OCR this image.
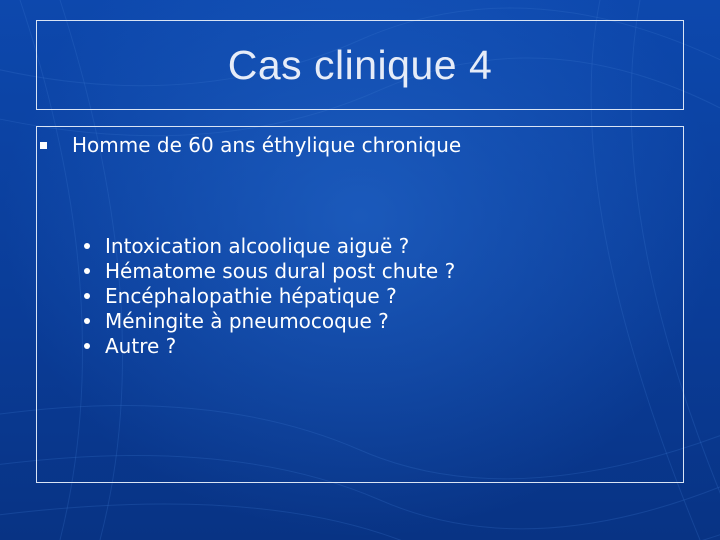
Cas clinique 4
Homme de 60 ans éthylique chronique
Intoxication alcoolique aiguë ?
Hématome sous dural post chute ?
Encéphalopathie hépatique ?
Méningite à pneumocoque ?
Autre ?
